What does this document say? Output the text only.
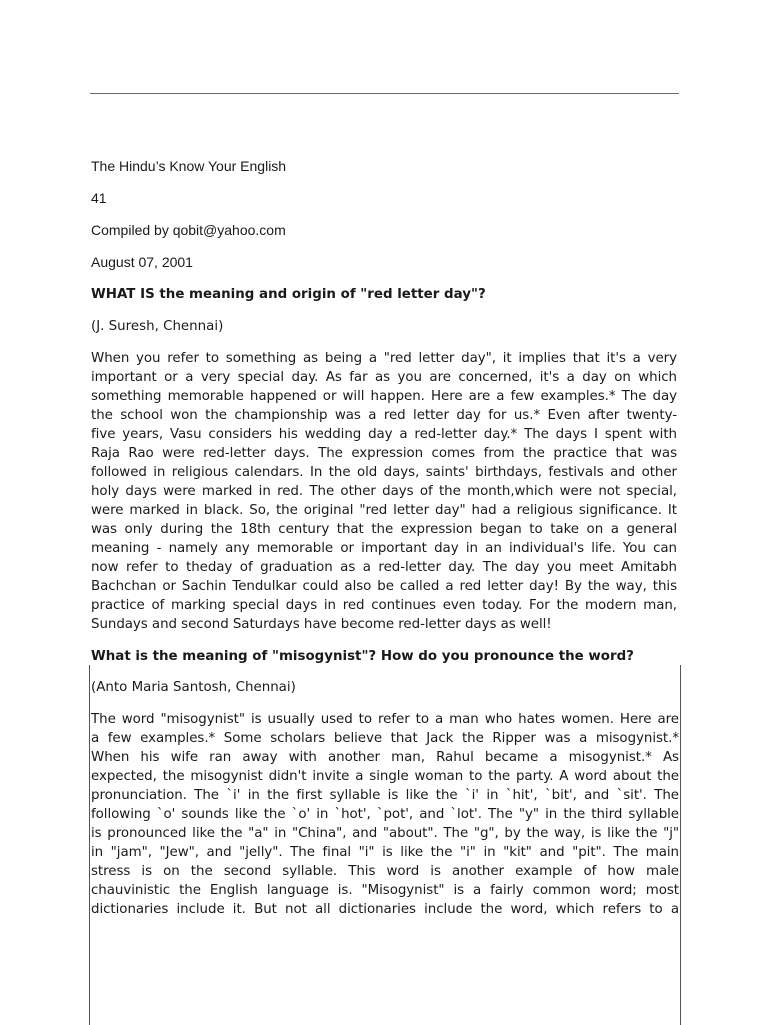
The Hindu’s Know Your English
41
Compiled by qobit@yahoo.com
August 07, 2001
WHAT IS the meaning and origin of "red letter day"?
(J. Suresh, Chennai)
When you refer to something as being a "red letter day", it implies that it's a very
important or a very special day. As far as you are concerned, it's a day on which
something memorable happened or will happen. Here are a few examples.* The day
the school won the championship was a red letter day for us.* Even after twenty-
five years, Vasu considers his wedding day a red-letter day.* The days I spent with
Raja Rao were red-letter days. The expression comes from the practice that was
followed in religious calendars. In the old days, saints' birthdays, festivals and other
holy days were marked in red. The other days of the month,which were not special,
were marked in black. So, the original "red letter day" had a religious significance. It
was only during the 18th century that the expression began to take on a general
meaning - namely any memorable or important day in an individual's life. You can
now refer to theday of graduation as a red-letter day. The day you meet Amitabh
Bachchan or Sachin Tendulkar could also be called a red letter day! By the way, this
practice of marking special days in red continues even today. For the modern man,
Sundays and second Saturdays have become red-letter days as well!
What is the meaning of "misogynist"? How do you pronounce the word?
(Anto Maria Santosh, Chennai)
The word "misogynist" is usually used to refer to a man who hates women. Here are
a few examples.* Some scholars believe that Jack the Ripper was a misogynist.*
When his wife ran away with another man, Rahul became a misogynist.* As
expected, the misogynist didn't invite a single woman to the party. A word about the
pronunciation. The `i' in the first syllable is like the `i' in `hit', `bit', and `sit'. The
following `o' sounds like the `o' in `hot', `pot', and `lot'. The "y" in the third syllable
is pronounced like the "a" in "China", and "about". The "g", by the way, is like the "j"
in "jam", "Jew", and "jelly". The final "i" is like the "i" in "kit" and "pit". The main
stress is on the second syllable. This word is another example of how male
chauvinistic the English language is. "Misogynist" is a fairly common word; most
dictionaries include it. But not all dictionaries include the word, which refers to a
